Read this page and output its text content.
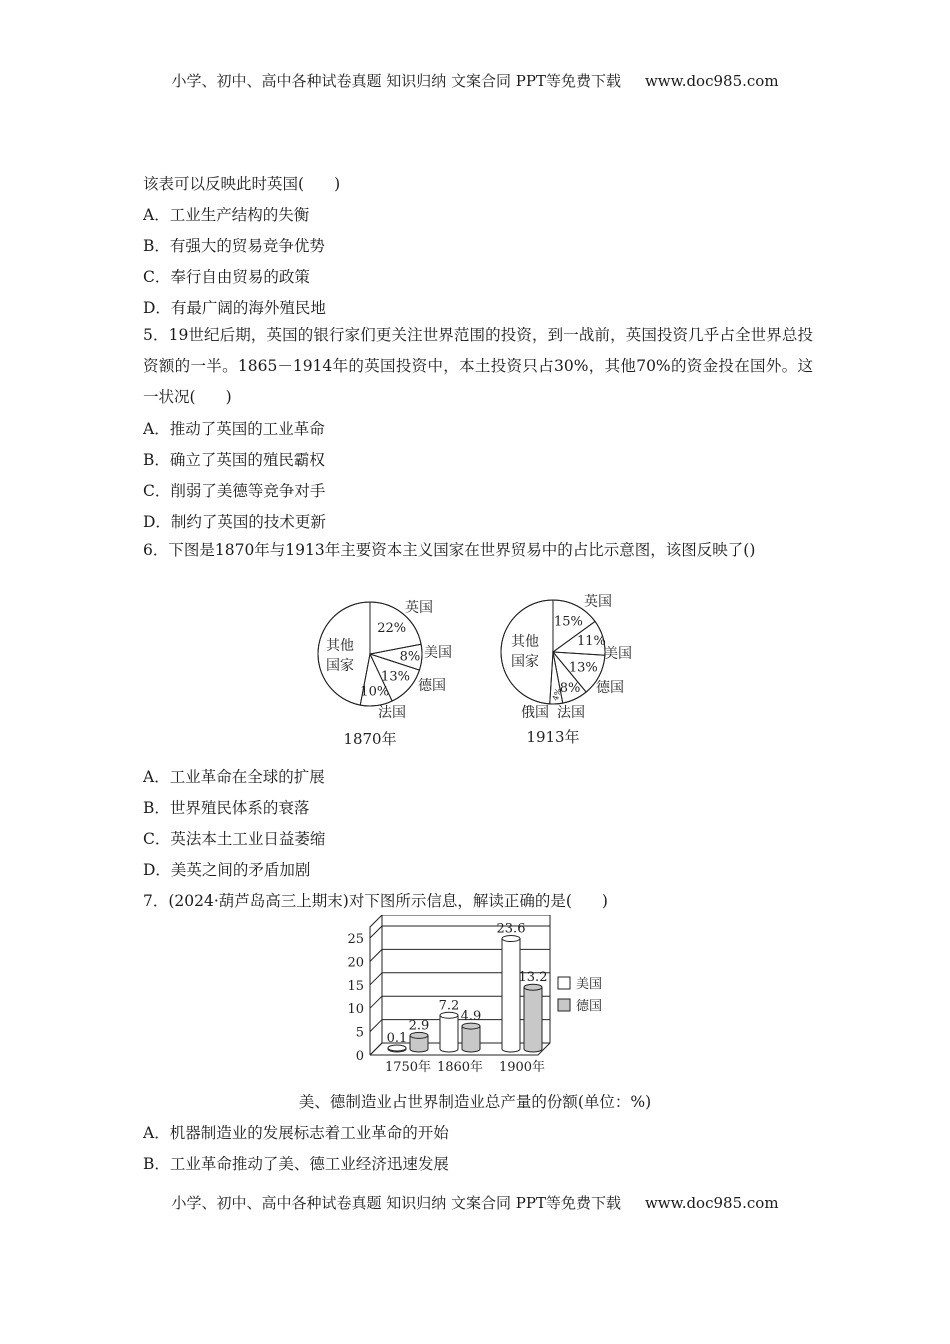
小学、初中、高中各种试卷真题 知识归纳 文案合同 PPT等免费下载 www.doc985.com
该表可以反映此时英国( )
A．工业生产结构的失衡
B．有强大的贸易竞争优势
C．奉行自由贸易的政策
D．有最广阔的海外殖民地
5．19世纪后期，英国的银行家们更关注世界范围的投资，到一战前，英国投资几乎占全世界总投资额的一半。1865－1914年的英国投资中，本土投资只占30%，其他70%的资金投在国外。这一状况( )
A．推动了英国的工业革命
B．确立了英国的殖民霸权
C．削弱了美德等竞争对手
D．制约了英国的技术更新
6．下图是1870年与1913年主要资本主义国家在世界贸易中的占比示意图，该图反映了()
22%
英国
8% 美国
13%
德国
10%
法国
其他
国家
1870年
15%
英国
11%
美国
13%
德国
8%
法国
4%
俄国
其他
国家
1913年
A．工业革命在全球的扩展
B．世界殖民体系的衰落
C．英法本土工业日益萎缩
D．美英之间的矛盾加剧
7．(2024·葫芦岛高三上期末)对下图所示信息，解读正确的是( )
0
5
10
15
20
25
1750年
0.1
2.9
1860年
7.2
4.9
1900年
23.6
13.2 美国
德国
美、德制造业占世界制造业总产量的份额(单位：%)
A．机器制造业的发展标志着工业革命的开始
B．工业革命推动了美、德工业经济迅速发展
小学、初中、高中各种试卷真题 知识归纳 文案合同 PPT等免费下载 www.doc985.com
